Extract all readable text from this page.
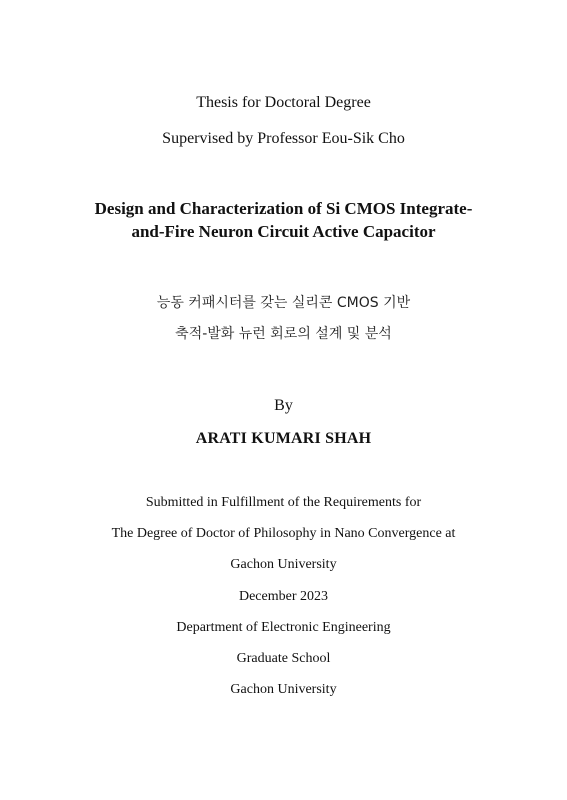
Thesis for Doctoral Degree
Supervised by Professor Eou-Sik Cho
Design and Characterization of Si CMOS Integrate-
and-Fire Neuron Circuit Active Capacitor
능동 커패시터를 갖는 실리콘 CMOS 기반
축적-발화 뉴런 회로의 설계 및 분석
By
ARATI KUMARI SHAH
Submitted in Fulfillment of the Requirements for
The Degree of Doctor of Philosophy in Nano Convergence at
Gachon University
December 2023
Department of Electronic Engineering
Graduate School
Gachon University
